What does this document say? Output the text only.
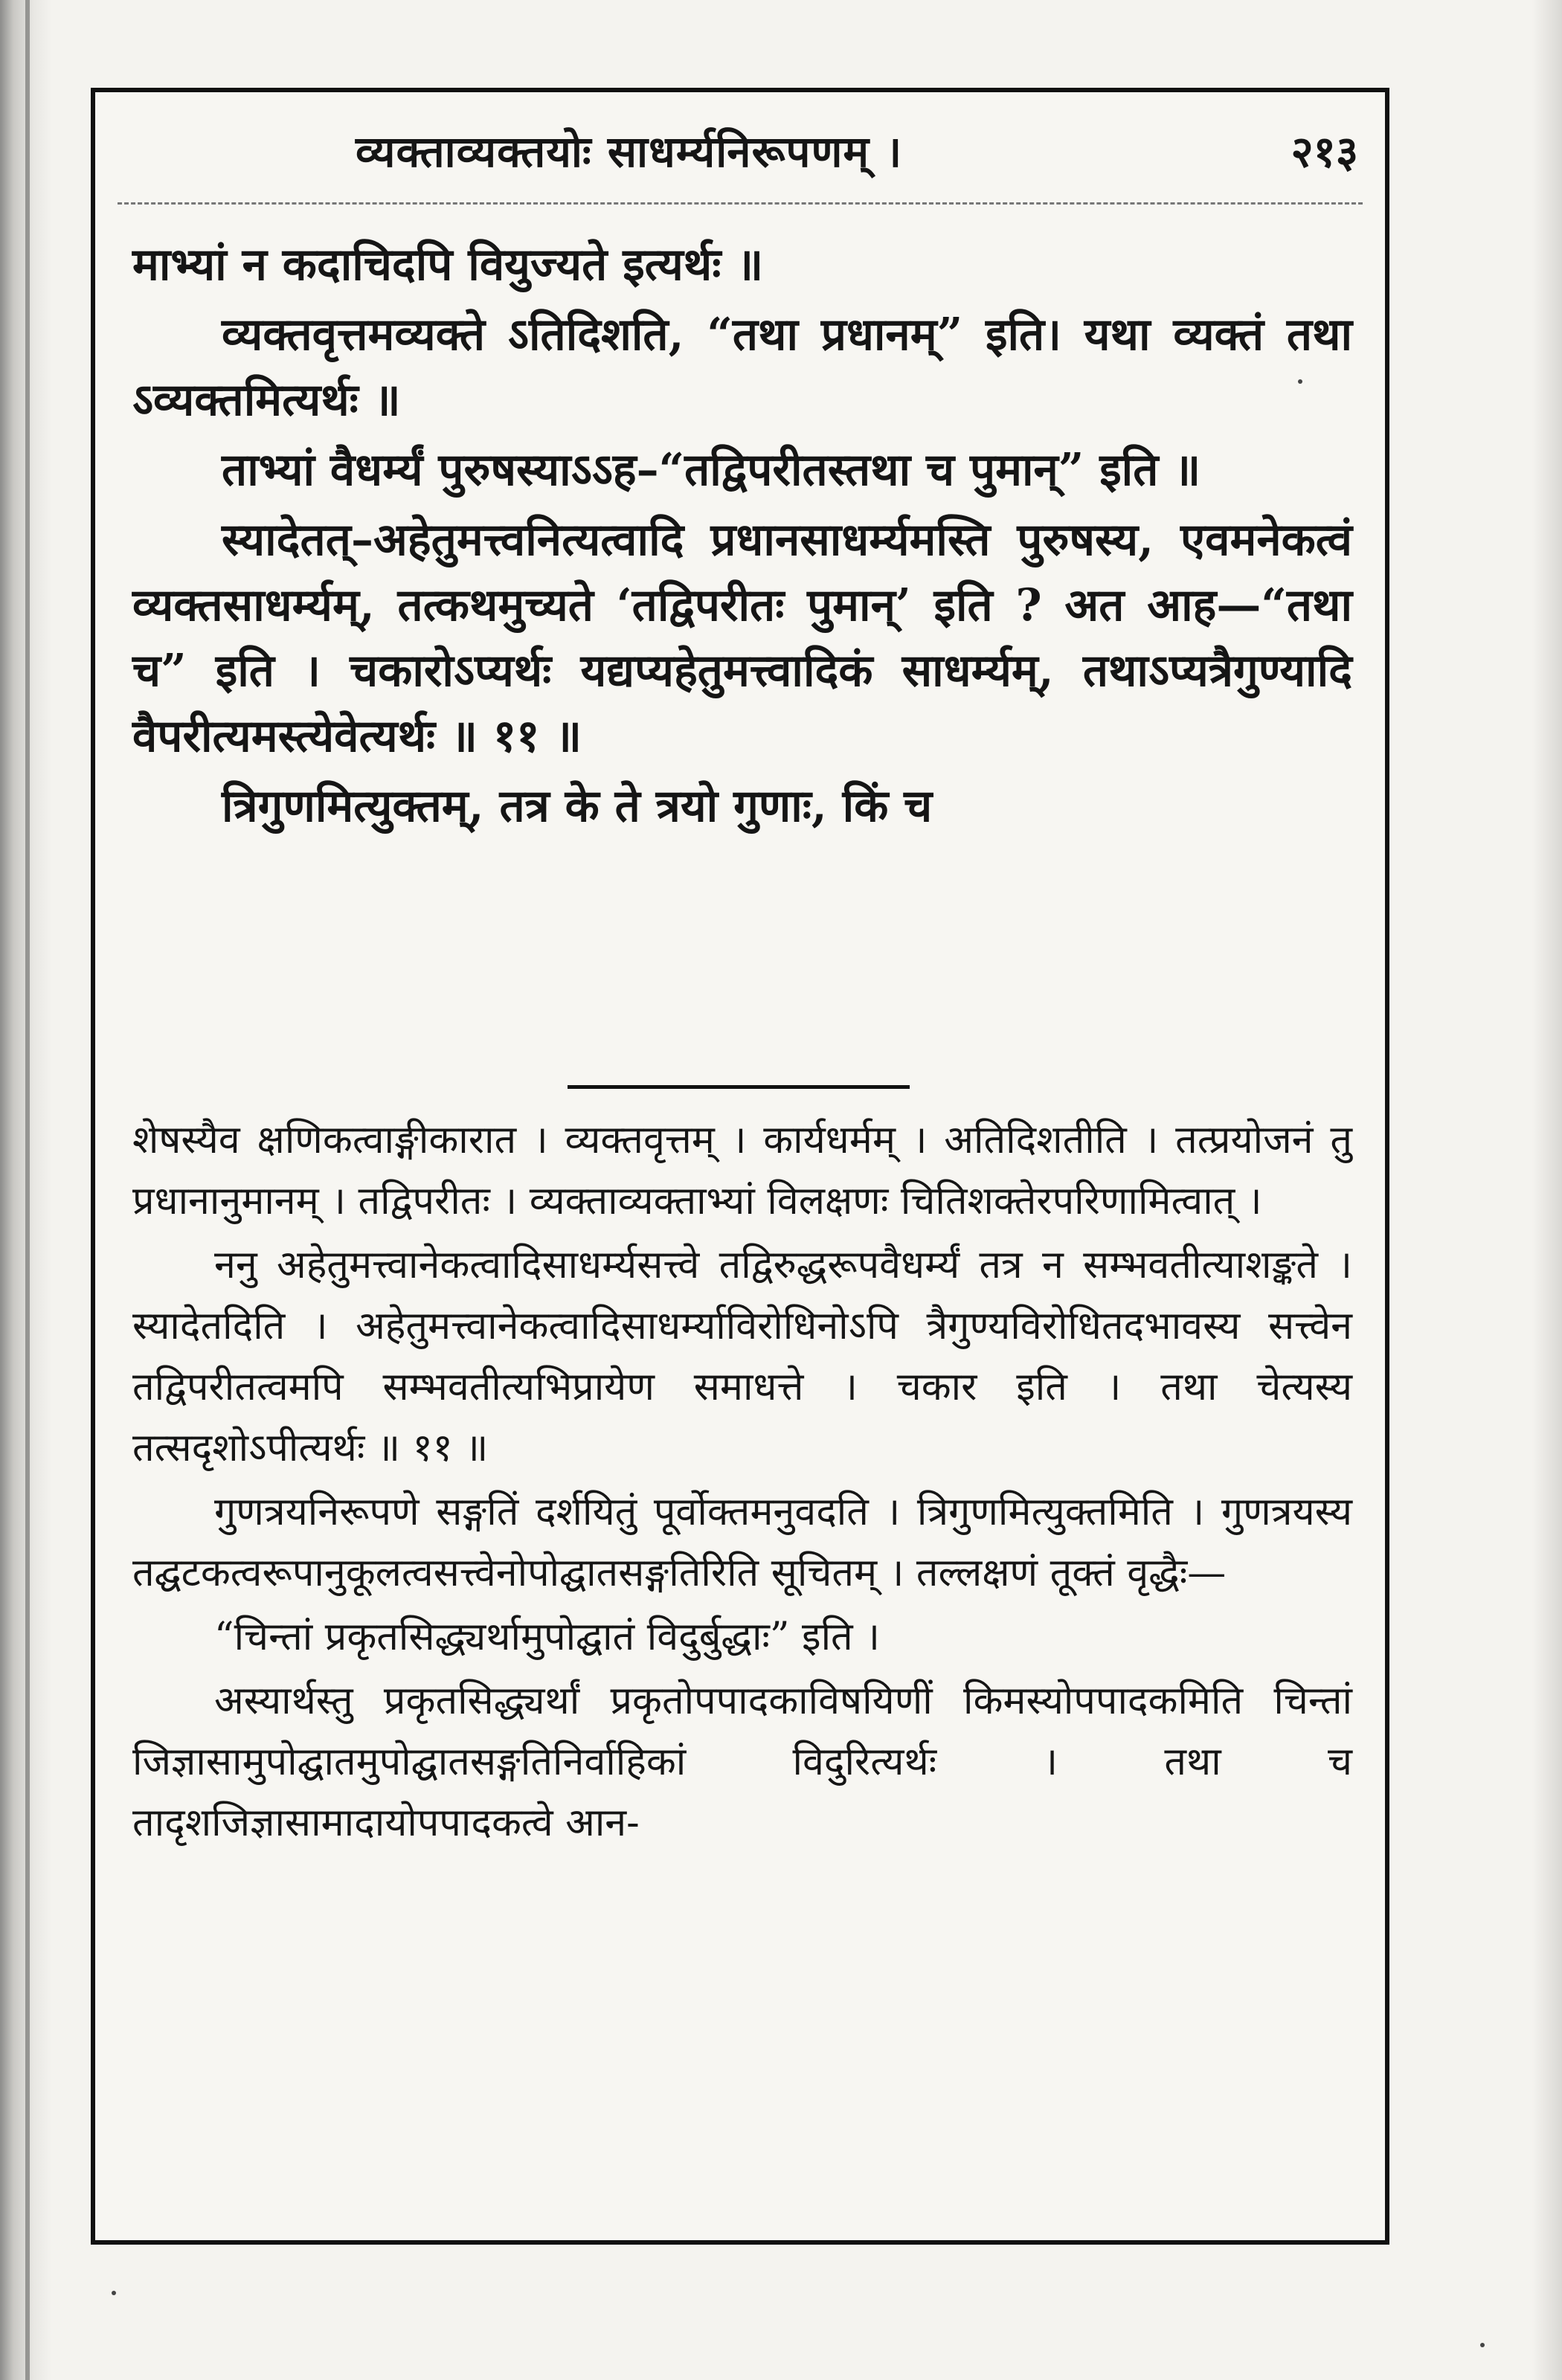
व्यक्ताव्यक्तयोः साधर्म्यनिरूपणम् ।	२१३

माभ्यां न कदाचिदपि वियुज्यते इत्यर्थः ॥

व्यक्तवृत्तमव्यक्ते ऽतिदिशति, “तथा प्रधानम्” इति। यथा व्यक्तं तथा ऽव्यक्तमित्यर्थः ॥

ताभ्यां वैधर्म्यं पुरुषस्याऽऽह–“तद्विपरीतस्तथा च पुमान्” इति ॥

स्यादेतत्–अहेतुमत्त्वनित्यत्वादि प्रधानसाधर्म्यमस्ति पुरुषस्य, एवमनेकत्वं व्यक्तसाधर्म्यम्, तत्कथमुच्यते ‘तद्विपरीतः पुमान्’ इति ? अत आह—“तथा च” इति । चकारोऽप्यर्थः यद्यप्यहेतुमत्त्वादिकं साधर्म्यम्, तथाऽप्यत्रैगुण्यादि वैपरीत्यमस्त्येवेत्यर्थः ॥ ११ ॥

त्रिगुणमित्युक्तम्, तत्र के ते त्रयो गुणाः, किं च

शेषस्यैव क्षणिकत्वाङ्गीकारात । व्यक्तवृत्तम् । कार्यधर्मम् । अतिदिशतीति । तत्प्रयोजनं तु प्रधानानुमानम् । तद्विपरीतः । व्यक्ताव्यक्ताभ्यां विलक्षणः चितिशक्तेरपरिणामित्वात् ।

ननु अहेतुमत्त्वानेकत्वादिसाधर्म्यसत्त्वे तद्विरुद्धरूपवैधर्म्यं तत्र न सम्भवतीत्याशङ्कते । स्यादेतदिति । अहेतुमत्त्वानेकत्वादिसाधर्म्याविरोधिनोऽपि त्रैगुण्यविरोधितदभावस्य सत्त्वेन तद्विपरीतत्वमपि सम्भवतीत्यभिप्रायेण समाधत्ते । चकार इति । तथा चेत्यस्य तत्सदृशोऽपीत्यर्थः ॥ ११ ॥

गुणत्रयनिरूपणे सङ्गतिं दर्शयितुं पूर्वोक्तमनुवदति । त्रिगुणमित्युक्तमिति । गुणत्रयस्य तद्घटकत्वरूपानुकूलत्वसत्त्वेनोपोद्घातसङ्गतिरिति सूचितम् । तल्लक्षणं तूक्तं वृद्धैः—

“चिन्तां प्रकृतसिद्ध्यर्थामुपोद्घातं विदुर्बुद्धाः” इति ।

अस्यार्थस्तु प्रकृतसिद्ध्यर्थां प्रकृतोपपादकाविषयिणीं किमस्योपपादकमिति चिन्तां जिज्ञासामुपोद्घातमुपोद्घातसङ्गतिनिर्वाहिकां विदुरित्यर्थः । तथा च तादृशजिज्ञासामादायोपपादकत्वे आन-
